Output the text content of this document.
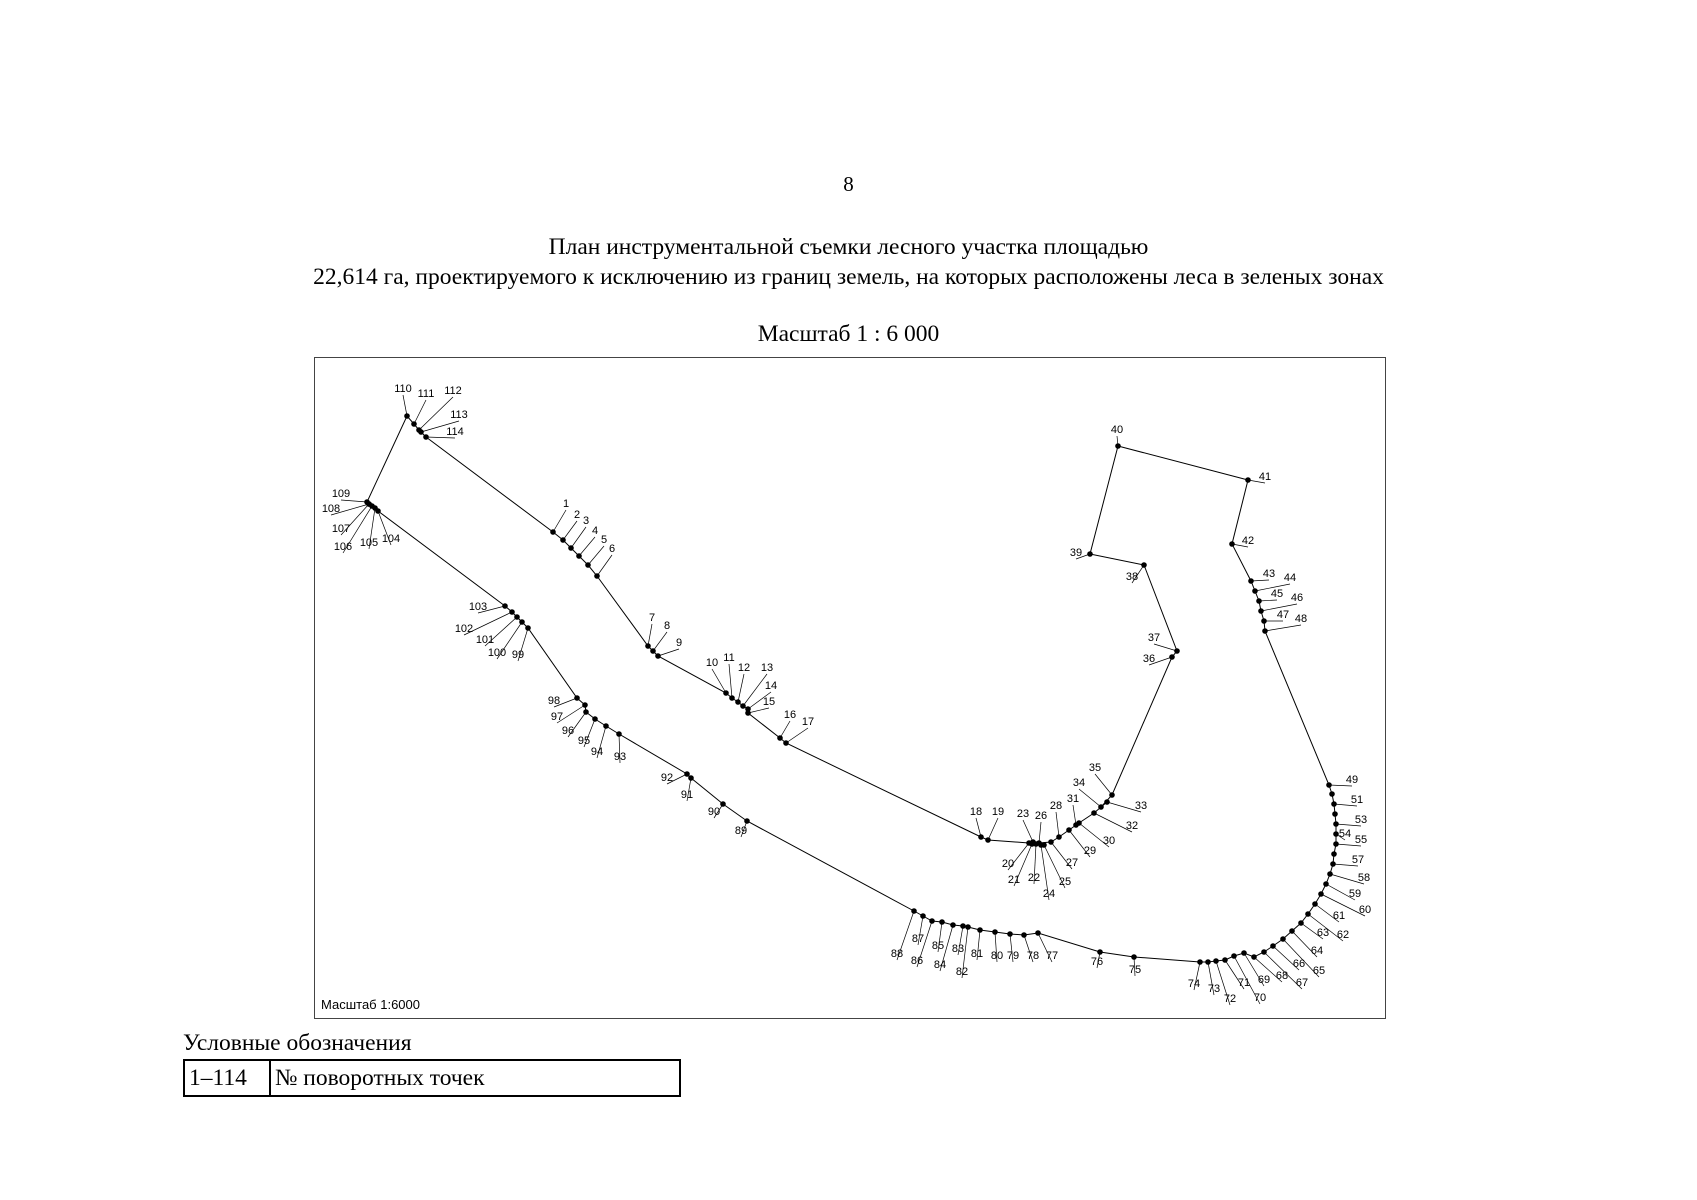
8
План инструментальной съемки лесного участка площадью
22,614 га, проектируемого к исключению из границ земель, на которых расположены леса в зеленых зонах
Масштаб 1 : 6 000
1
2 3
4
5
6
7
8
9
10 11
12 13
14
15
16
17
18 19
20
21 22
23
24
25
26
27
28
29
30
31
32
33
34
35
36
37
38
39
40
41
42
43 44
45 46
47 48
49
51
53
54 55
57
58
59
60
61
62
63
64
65
66
67
68
69
70
71
72
73
74
75
76
77
78
79
80
81
82
83
84
85
86
87
88
89
90
91
92
93
94
95
96
97
98
99
100
101
102
103
104
105
106
107
108
109
110 111 112
113
114
Масштаб 1:6000
Условные обозначения
1–114	№ поворотных точек
